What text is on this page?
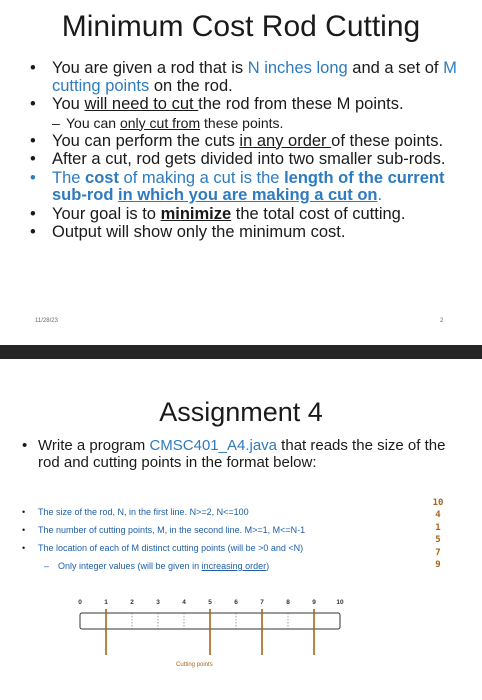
Minimum Cost Rod Cutting
• You are given a rod that is N inches long and a set of M cutting points on the rod.
• You will need to cut the rod from these M points.
– You can only cut from these points.
• You can perform the cuts in any order of these points.
• After a cut, rod gets divided into two smaller sub-rods.
• The cost of making a cut is the length of the current sub-rod in which you are making a cut on.
• Your goal is to minimize the total cost of cutting.
• Output will show only the minimum cost.
11/28/23	2
Assignment 4
• Write a program CMSC401_A4.java that reads the size of the rod and cutting points in the format below:
• The size of the rod, N, in the first line. N>=2, N<=100
• The number of cutting points, M, in the second line. M>=1, M<=N-1
• The location of each of M distinct cutting points (will be >0 and <N)
– Only integer values (will be given in increasing order)
10
4
1
5
7
9
0	1	2	3	4	5	6	7	8	9	10
Cutting points
